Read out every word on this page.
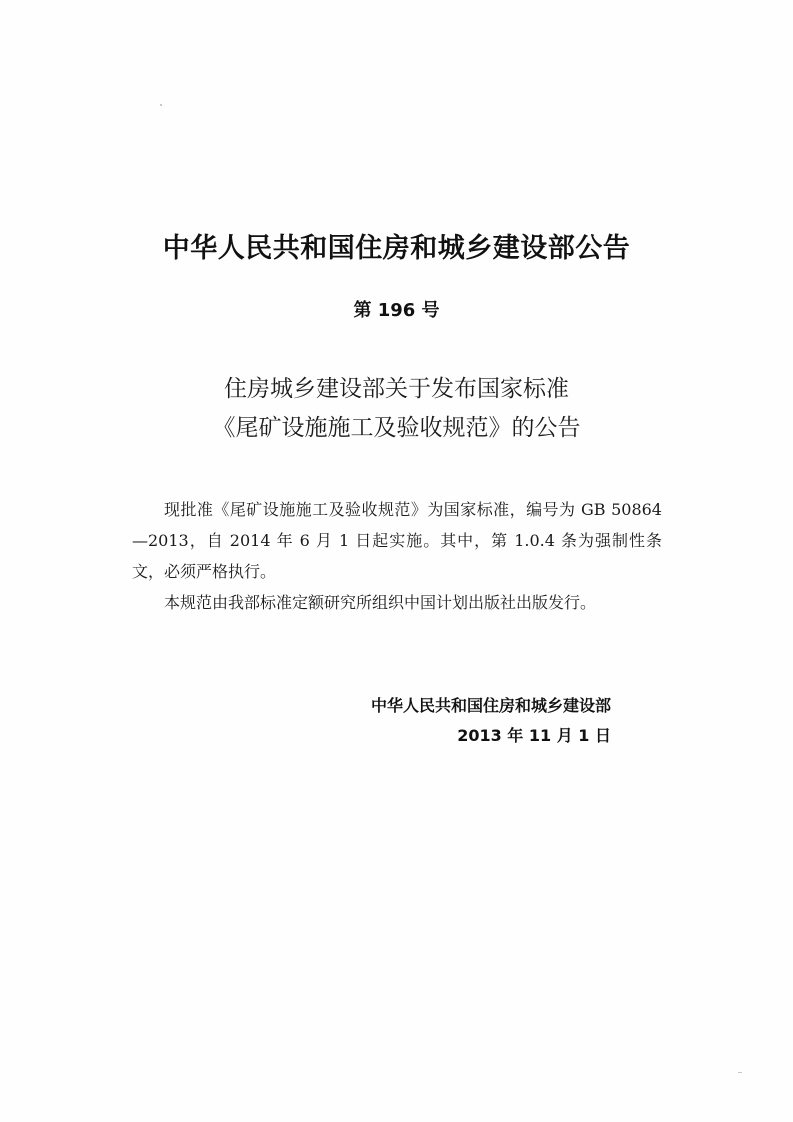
中华人民共和国住房和城乡建设部公告
第 196 号
住房城乡建设部关于发布国家标准
《尾矿设施施工及验收规范》的公告

现批准《尾矿设施施工及验收规范》为国家标准，编号为 GB 50864—2013，自 2014 年 6 月 1 日起实施。其中，第 1.0.4 条为强制性条文，必须严格执行。

本规范由我部标准定额研究所组织中国计划出版社出版发行。

中华人民共和国住房和城乡建设部
2013 年 11 月 1 日
